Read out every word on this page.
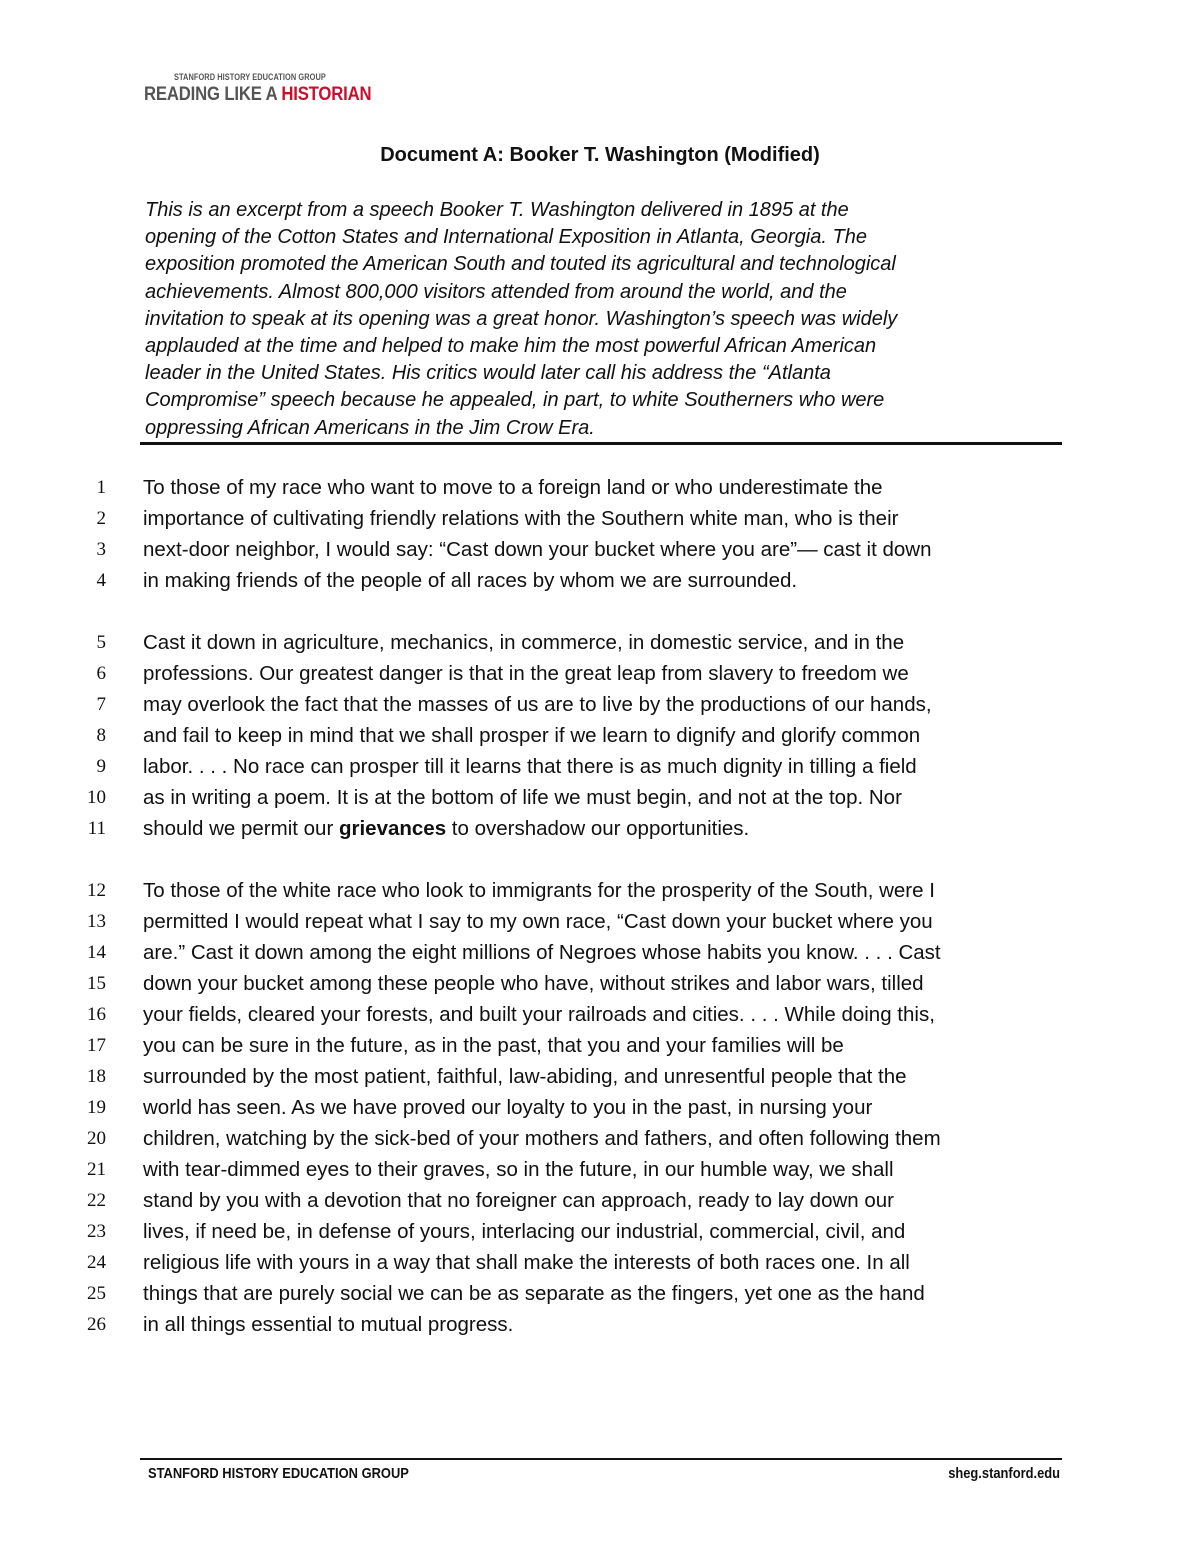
STANFORD HISTORY EDUCATION GROUP
READING LIKE A HISTORIAN
Document A: Booker T. Washington (Modified)
This is an excerpt from a speech Booker T. Washington delivered in 1895 at the
opening of the Cotton States and International Exposition in Atlanta, Georgia. The
exposition promoted the American South and touted its agricultural and technological
achievements. Almost 800,000 visitors attended from around the world, and the
invitation to speak at its opening was a great honor. Washington’s speech was widely
applauded at the time and helped to make him the most powerful African American
leader in the United States. His critics would later call his address the “Atlanta
Compromise” speech because he appealed, in part, to white Southerners who were
oppressing African Americans in the Jim Crow Era.
1 To those of my race who want to move to a foreign land or who underestimate the
2 importance of cultivating friendly relations with the Southern white man, who is their
3 next-door neighbor, I would say: “Cast down your bucket where you are”— cast it down
4 in making friends of the people of all races by whom we are surrounded.
5 Cast it down in agriculture, mechanics, in commerce, in domestic service, and in the
6 professions. Our greatest danger is that in the great leap from slavery to freedom we
7 may overlook the fact that the masses of us are to live by the productions of our hands,
8 and fail to keep in mind that we shall prosper if we learn to dignify and glorify common
9 labor. . . . No race can prosper till it learns that there is as much dignity in tilling a field
10 as in writing a poem. It is at the bottom of life we must begin, and not at the top. Nor
11 should we permit our grievances to overshadow our opportunities.
12 To those of the white race who look to immigrants for the prosperity of the South, were I
13 permitted I would repeat what I say to my own race, “Cast down your bucket where you
14 are.” Cast it down among the eight millions of Negroes whose habits you know. . . . Cast
15 down your bucket among these people who have, without strikes and labor wars, tilled
16 your fields, cleared your forests, and built your railroads and cities. . . . While doing this,
17 you can be sure in the future, as in the past, that you and your families will be
18 surrounded by the most patient, faithful, law-abiding, and unresentful people that the
19 world has seen. As we have proved our loyalty to you in the past, in nursing your
20 children, watching by the sick-bed of your mothers and fathers, and often following them
21 with tear-dimmed eyes to their graves, so in the future, in our humble way, we shall
22 stand by you with a devotion that no foreigner can approach, ready to lay down our
23 lives, if need be, in defense of yours, interlacing our industrial, commercial, civil, and
24 religious life with yours in a way that shall make the interests of both races one. In all
25 things that are purely social we can be as separate as the fingers, yet one as the hand
26 in all things essential to mutual progress.
STANFORD HISTORY EDUCATION GROUP	sheg.stanford.edu
